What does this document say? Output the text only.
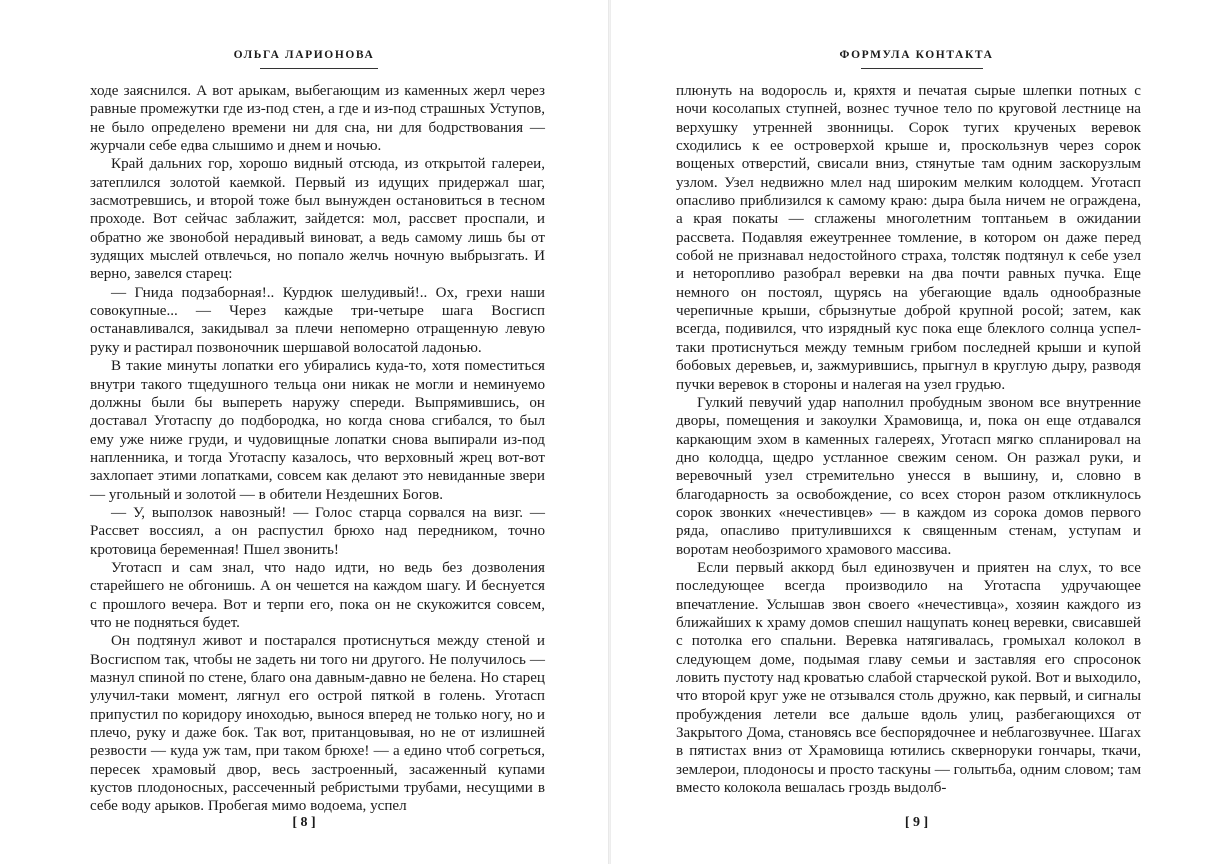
ОЛЬГА ЛАРИОНОВА

ходе заяснился. А вот арыкам, выбегающим из каменных жерл через равные промежутки где из-под стен, а где и из-под страшных Уступов, не было определено времени ни для сна, ни для бодрствования — журчали себе едва слышимо и днем и ночью.

Край дальних гор, хорошо видный отсюда, из открытой галереи, затеплился золотой каемкой. Первый из идущих придержал шаг, засмотревшись, и второй тоже был вынужден остановиться в тесном проходе. Вот сейчас заблажит, зайдется: мол, рассвет проспали, и обратно же звонобой нерадивый виноват, а ведь самому лишь бы от зудящих мыслей отвлечься, но попало желчь ночную выбрызгать. И верно, завелся старец:

— Гнида подзаборная!.. Курдюк шелудивый!.. Ох, грехи наши совокупные... — Через каждые три-четыре шага Восгисп останавливался, закидывал за плечи непомерно отращенную левую руку и растирал позвоночник шершавой волосатой ладонью.

В такие минуты лопатки его убирались куда-то, хотя поместиться внутри такого тщедушного тельца они никак не могли и неминуемо должны были бы выпереть наружу спереди. Выпрямившись, он доставал Уготаспу до подбородка, но когда снова сгибался, то был ему уже ниже груди, и чудовищные лопатки снова выпирали из-под напленника, и тогда Уготаспу казалось, что верховный жрец вот-вот захлопает этими лопатками, совсем как делают это невиданные звери — угольный и золотой — в обители Нездешних Богов.

— У, выползок навозный! — Голос старца сорвался на визг. — Рассвет воссиял, а он распустил брюхо над передником, точно кротовица беременная! Пшел звонить!

Уготасп и сам знал, что надо идти, но ведь без дозволения старейшего не обгонишь. А он чешется на каждом шагу. И беснуется с прошлого вечера. Вот и терпи его, пока он не скукожится совсем, что не подняться будет.

Он подтянул живот и постарался протиснуться между стеной и Восгиспом так, чтобы не задеть ни того ни другого. Не получилось — мазнул спиной по стене, благо она давным-давно не белена. Но старец улучил-таки момент, лягнул его острой пяткой в голень. Уготасп припустил по коридору иноходью, вынося вперед не только ногу, но и плечо, руку и даже бок. Так вот, пританцовывая, но не от излишней резвости — куда уж там, при таком брюхе! — а едино чтоб согреться, пересек храмовый двор, весь застроенный, засаженный купами кустов плодоносных, рассеченный ребристыми трубами, несущими в себе воду арыков. Пробегая мимо водоема, успел

[ 8 ]
ФОРМУЛА КОНТАКТА

плюнуть на водоросль и, кряхтя и печатая сырые шлепки потных с ночи косолапых ступней, вознес тучное тело по круговой лестнице на верхушку утренней звонницы. Сорок тугих крученых веревок сходились к ее островерхой крыше и, проскользнув через сорок вощеных отверстий, свисали вниз, стянутые там одним заскорузлым узлом. Узел недвижно млел над широким мелким колодцем. Уготасп опасливо приблизился к самому краю: дыра была ничем не ограждена, а края покаты — сглажены многолетним топтаньем в ожидании рассвета. Подавляя ежеутреннее томление, в котором он даже перед собой не признавал недостойного страха, толстяк подтянул к себе узел и неторопливо разобрал веревки на два почти равных пучка. Еще немного он постоял, щурясь на убегающие вдаль однообразные черепичные крыши, сбрызнутые доброй крупной росой; затем, как всегда, подивился, что изрядный кус пока еще блеклого солнца успел-таки протиснуться между темным грибом последней крыши и купой бобовых деревьев, и, зажмурившись, прыгнул в круглую дыру, разводя пучки веревок в стороны и налегая на узел грудью.

Гулкий певучий удар наполнил пробудным звоном все внутренние дворы, помещения и закоулки Храмовища, и, пока он еще отдавался каркающим эхом в каменных галереях, Уготасп мягко спланировал на дно колодца, щедро устланное свежим сеном. Он разжал руки, и веревочный узел стремительно унесся в вышину, и, словно в благодарность за освобождение, со всех сторон разом откликнулось сорок звонких «нечестивцев» — в каждом из сорока домов первого ряда, опасливо притулившихся к священным стенам, уступам и воротам необозримого храмового массива.

Если первый аккорд был единозвучен и приятен на слух, то все последующее всегда производило на Уготаспа удручающее впечатление. Услышав звон своего «нечестивца», хозяин каждого из ближайших к храму домов спешил нащупать конец веревки, свисавшей с потолка его спальни. Веревка натягивалась, громыхал колокол в следующем доме, подымая главу семьи и заставляя его спросонок ловить пустоту над кроватью слабой старческой рукой. Вот и выходило, что второй круг уже не отзывался столь дружно, как первый, и сигналы пробуждения летели все дальше вдоль улиц, разбегающихся от Закрытого Дома, становясь все беспорядочнее и неблагозвучнее. Шагах в пятистах вниз от Храмовища ютились скверноруки гончары, ткачи, землерои, плодоносы и просто таскуны — голытьба, одним словом; там вместо колокола вешалась гроздь выдолб-

[ 9 ]
